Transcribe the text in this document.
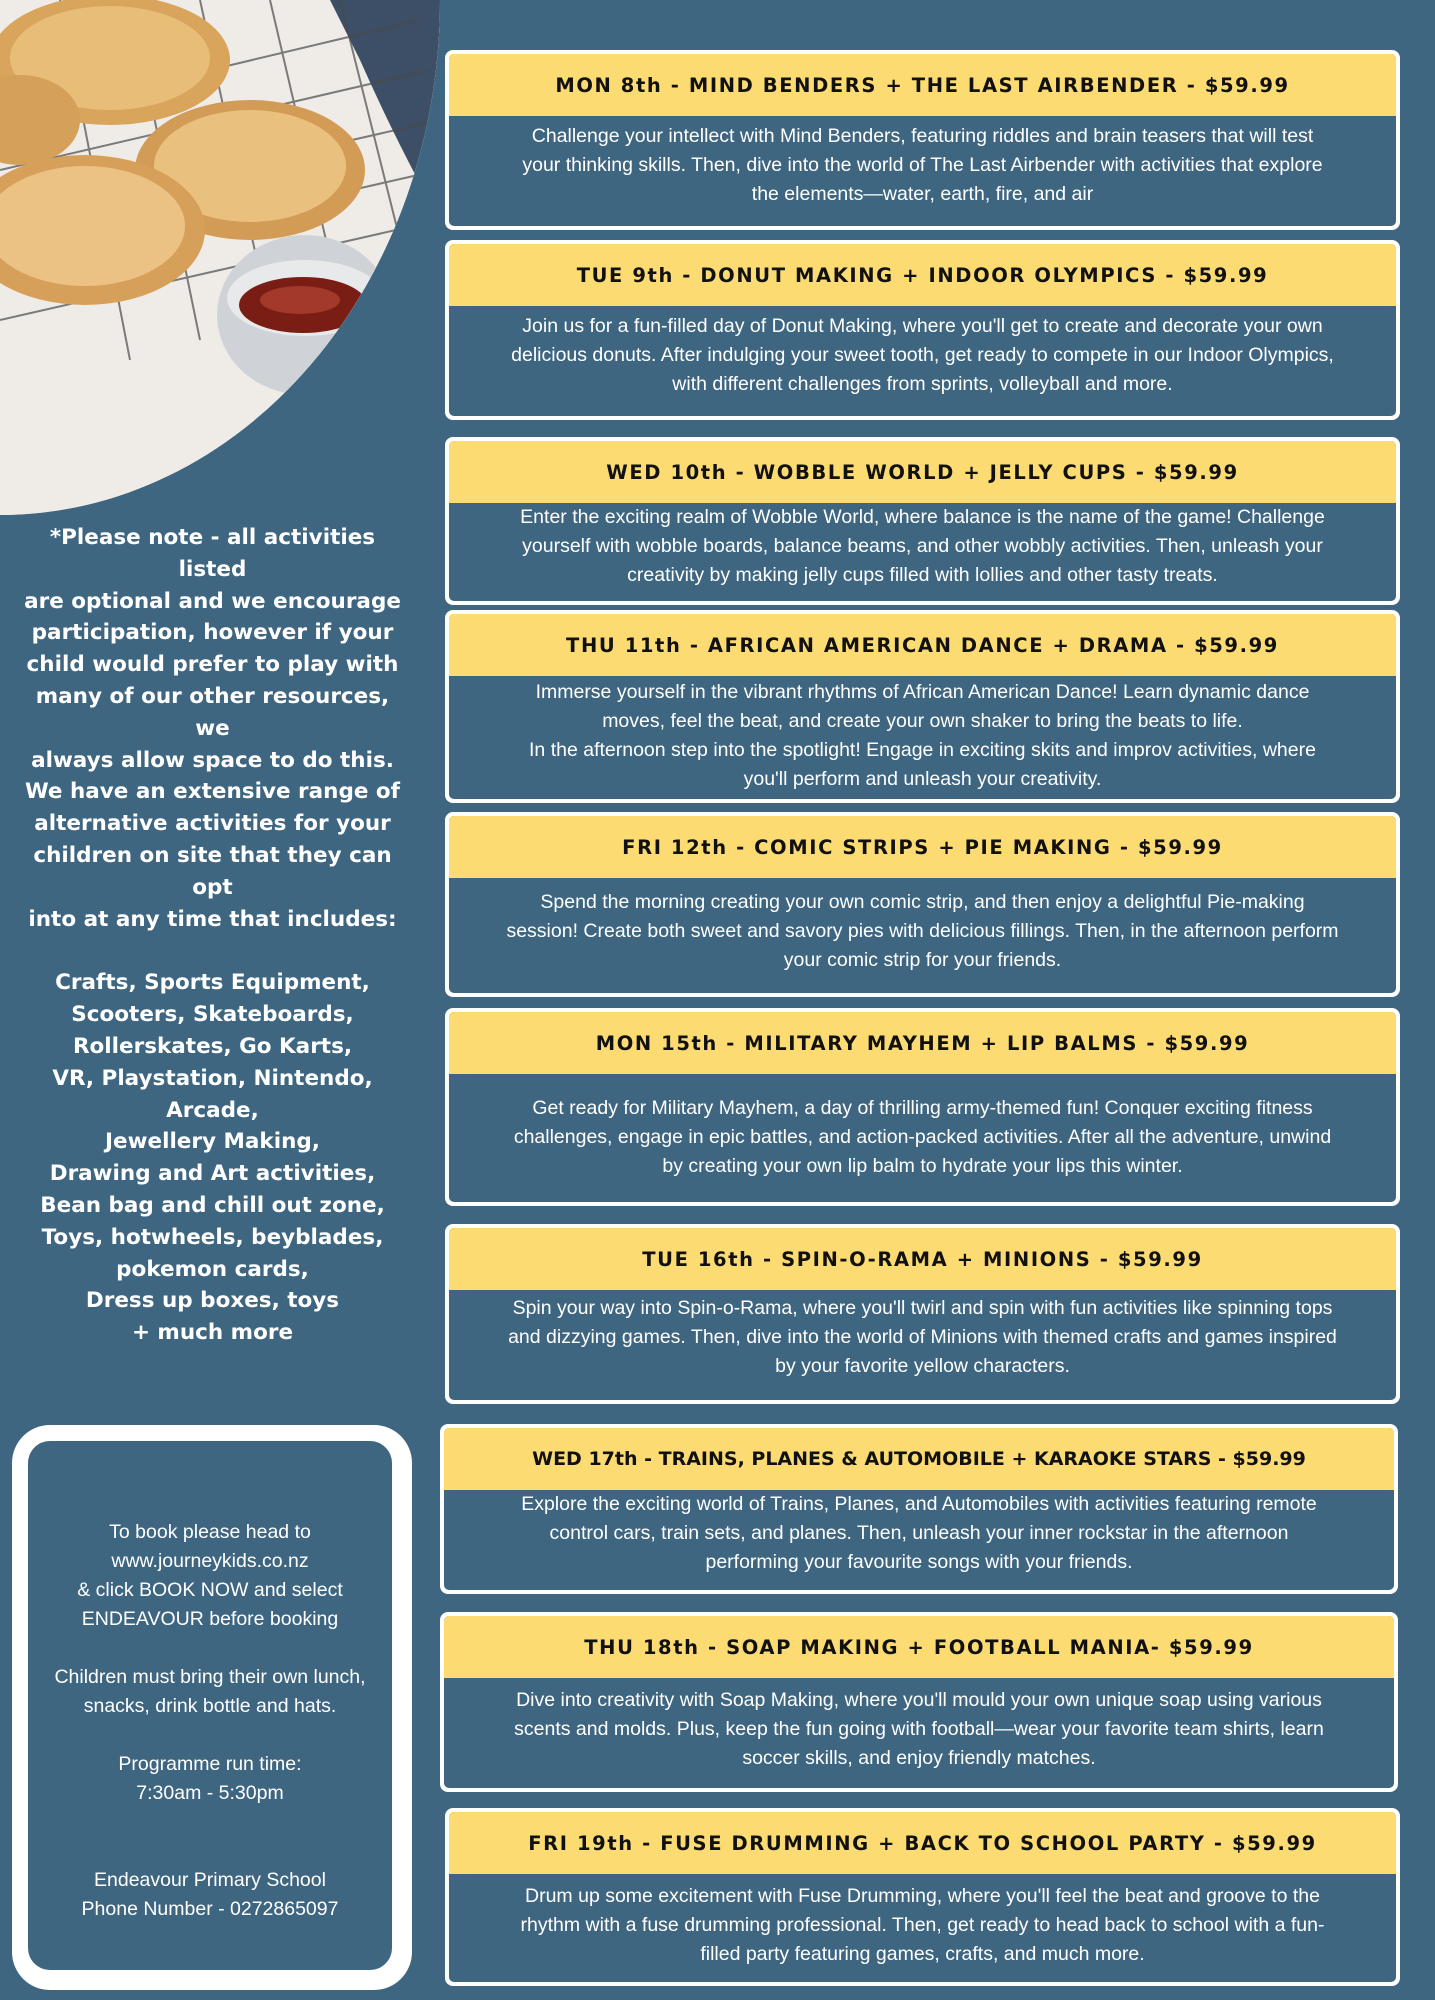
*Please note - all activities listed

are optional and we encourage

participation, however if your

child would prefer to play with

many of our other resources, we

always allow space to do this.

We have an extensive range of

alternative activities for your

children on site that they can opt

into at any time that includes:

Crafts, Sports Equipment,

Scooters, Skateboards,

Rollerskates, Go Karts,

VR, Playstation, Nintendo,

Arcade,

Jewellery Making,

Drawing and Art activities,

Bean bag and chill out zone,

Toys, hotwheels, beyblades,

pokemon cards,

Dress up boxes, toys

+ much more

To book please head to

www.journeykids.co.nz

& click BOOK NOW and select

ENDEAVOUR before booking

Children must bring their own lunch,

snacks, drink bottle and hats.

Programme run time:

7:30am - 5:30pm

Endeavour Primary School

Phone Number - 0272865097

MON 8th - MIND BENDERS + THE LAST AIRBENDER - $59.99
Challenge your intellect with Mind Benders, featuring riddles and brain teasers that will test
your thinking skills. Then, dive into the world of The Last Airbender with activities that explore
the elements—water, earth, fire, and air
TUE 9th - DONUT MAKING + INDOOR OLYMPICS - $59.99
Join us for a fun-filled day of Donut Making, where you'll get to create and decorate your own
delicious donuts. After indulging your sweet tooth, get ready to compete in our Indoor Olympics,
with different challenges from sprints, volleyball and more.
WED 10th - WOBBLE WORLD + JELLY CUPS - $59.99
Enter the exciting realm of Wobble World, where balance is the name of the game! Challenge
yourself with wobble boards, balance beams, and other wobbly activities. Then, unleash your
creativity by making jelly cups filled with lollies and other tasty treats.
THU 11th - AFRICAN AMERICAN DANCE + DRAMA - $59.99
Immerse yourself in the vibrant rhythms of African American Dance! Learn dynamic dance
moves, feel the beat, and create your own shaker to bring the beats to life.
In the afternoon step into the spotlight! Engage in exciting skits and improv activities, where
you'll perform and unleash your creativity.
FRI 12th - COMIC STRIPS + PIE MAKING - $59.99
Spend the morning creating your own comic strip, and then enjoy a delightful Pie-making
session! Create both sweet and savory pies with delicious fillings. Then, in the afternoon perform
your comic strip for your friends.
MON 15th - MILITARY MAYHEM + LIP BALMS - $59.99
Get ready for Military Mayhem, a day of thrilling army-themed fun! Conquer exciting fitness
challenges, engage in epic battles, and action-packed activities. After all the adventure, unwind
by creating your own lip balm to hydrate your lips this winter.
TUE 16th - SPIN-O-RAMA + MINIONS - $59.99
Spin your way into Spin-o-Rama, where you'll twirl and spin with fun activities like spinning tops
and dizzying games. Then, dive into the world of Minions with themed crafts and games inspired
by your favorite yellow characters.
WED 17th - TRAINS, PLANES & AUTOMOBILE + KARAOKE STARS - $59.99
Explore the exciting world of Trains, Planes, and Automobiles with activities featuring remote
control cars, train sets, and planes. Then, unleash your inner rockstar in the afternoon
performing your favourite songs with your friends.
THU 18th - SOAP MAKING + FOOTBALL MANIA- $59.99
Dive into creativity with Soap Making, where you'll mould your own unique soap using various
scents and molds. Plus, keep the fun going with football—wear your favorite team shirts, learn
soccer skills, and enjoy friendly matches.
FRI 19th - FUSE DRUMMING + BACK TO SCHOOL PARTY - $59.99
Drum up some excitement with Fuse Drumming, where you'll feel the beat and groove to the
rhythm with a fuse drumming professional. Then, get ready to head back to school with a fun-
filled party featuring games, crafts, and much more.
